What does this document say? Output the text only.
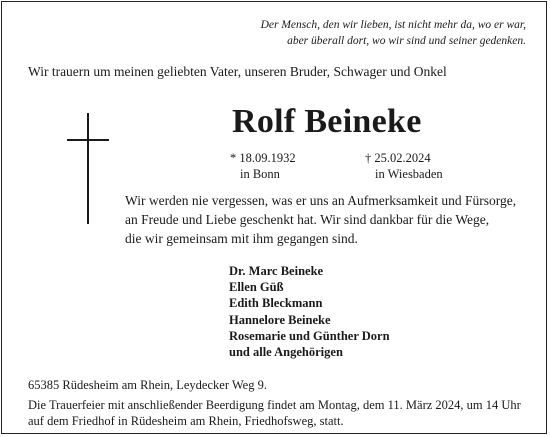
Der Mensch, den wir lieben, ist nicht mehr da, wo er war,
aber überall dort, wo wir sind und seiner gedenken.
Wir trauern um meinen geliebten Vater, unseren Bruder, Schwager und Onkel
Rolf Beineke
* 18.09.1932
in Bonn
† 25.02.2024
in Wiesbaden
Wir werden nie vergessen, was er uns an Aufmerksamkeit und Fürsorge,
an Freude und Liebe geschenkt hat. Wir sind dankbar für die Wege,
die wir gemeinsam mit ihm gegangen sind.
Dr. Marc Beineke
Ellen Güß
Edith Bleckmann
Hannelore Beineke
Rosemarie und Günther Dorn
und alle Angehörigen
65385 Rüdesheim am Rhein, Leydecker Weg 9.
Die Trauerfeier mit anschließender Beerdigung findet am Montag, dem 11. März 2024, um 14 Uhr
auf dem Friedhof in Rüdesheim am Rhein, Friedhofsweg, statt.
